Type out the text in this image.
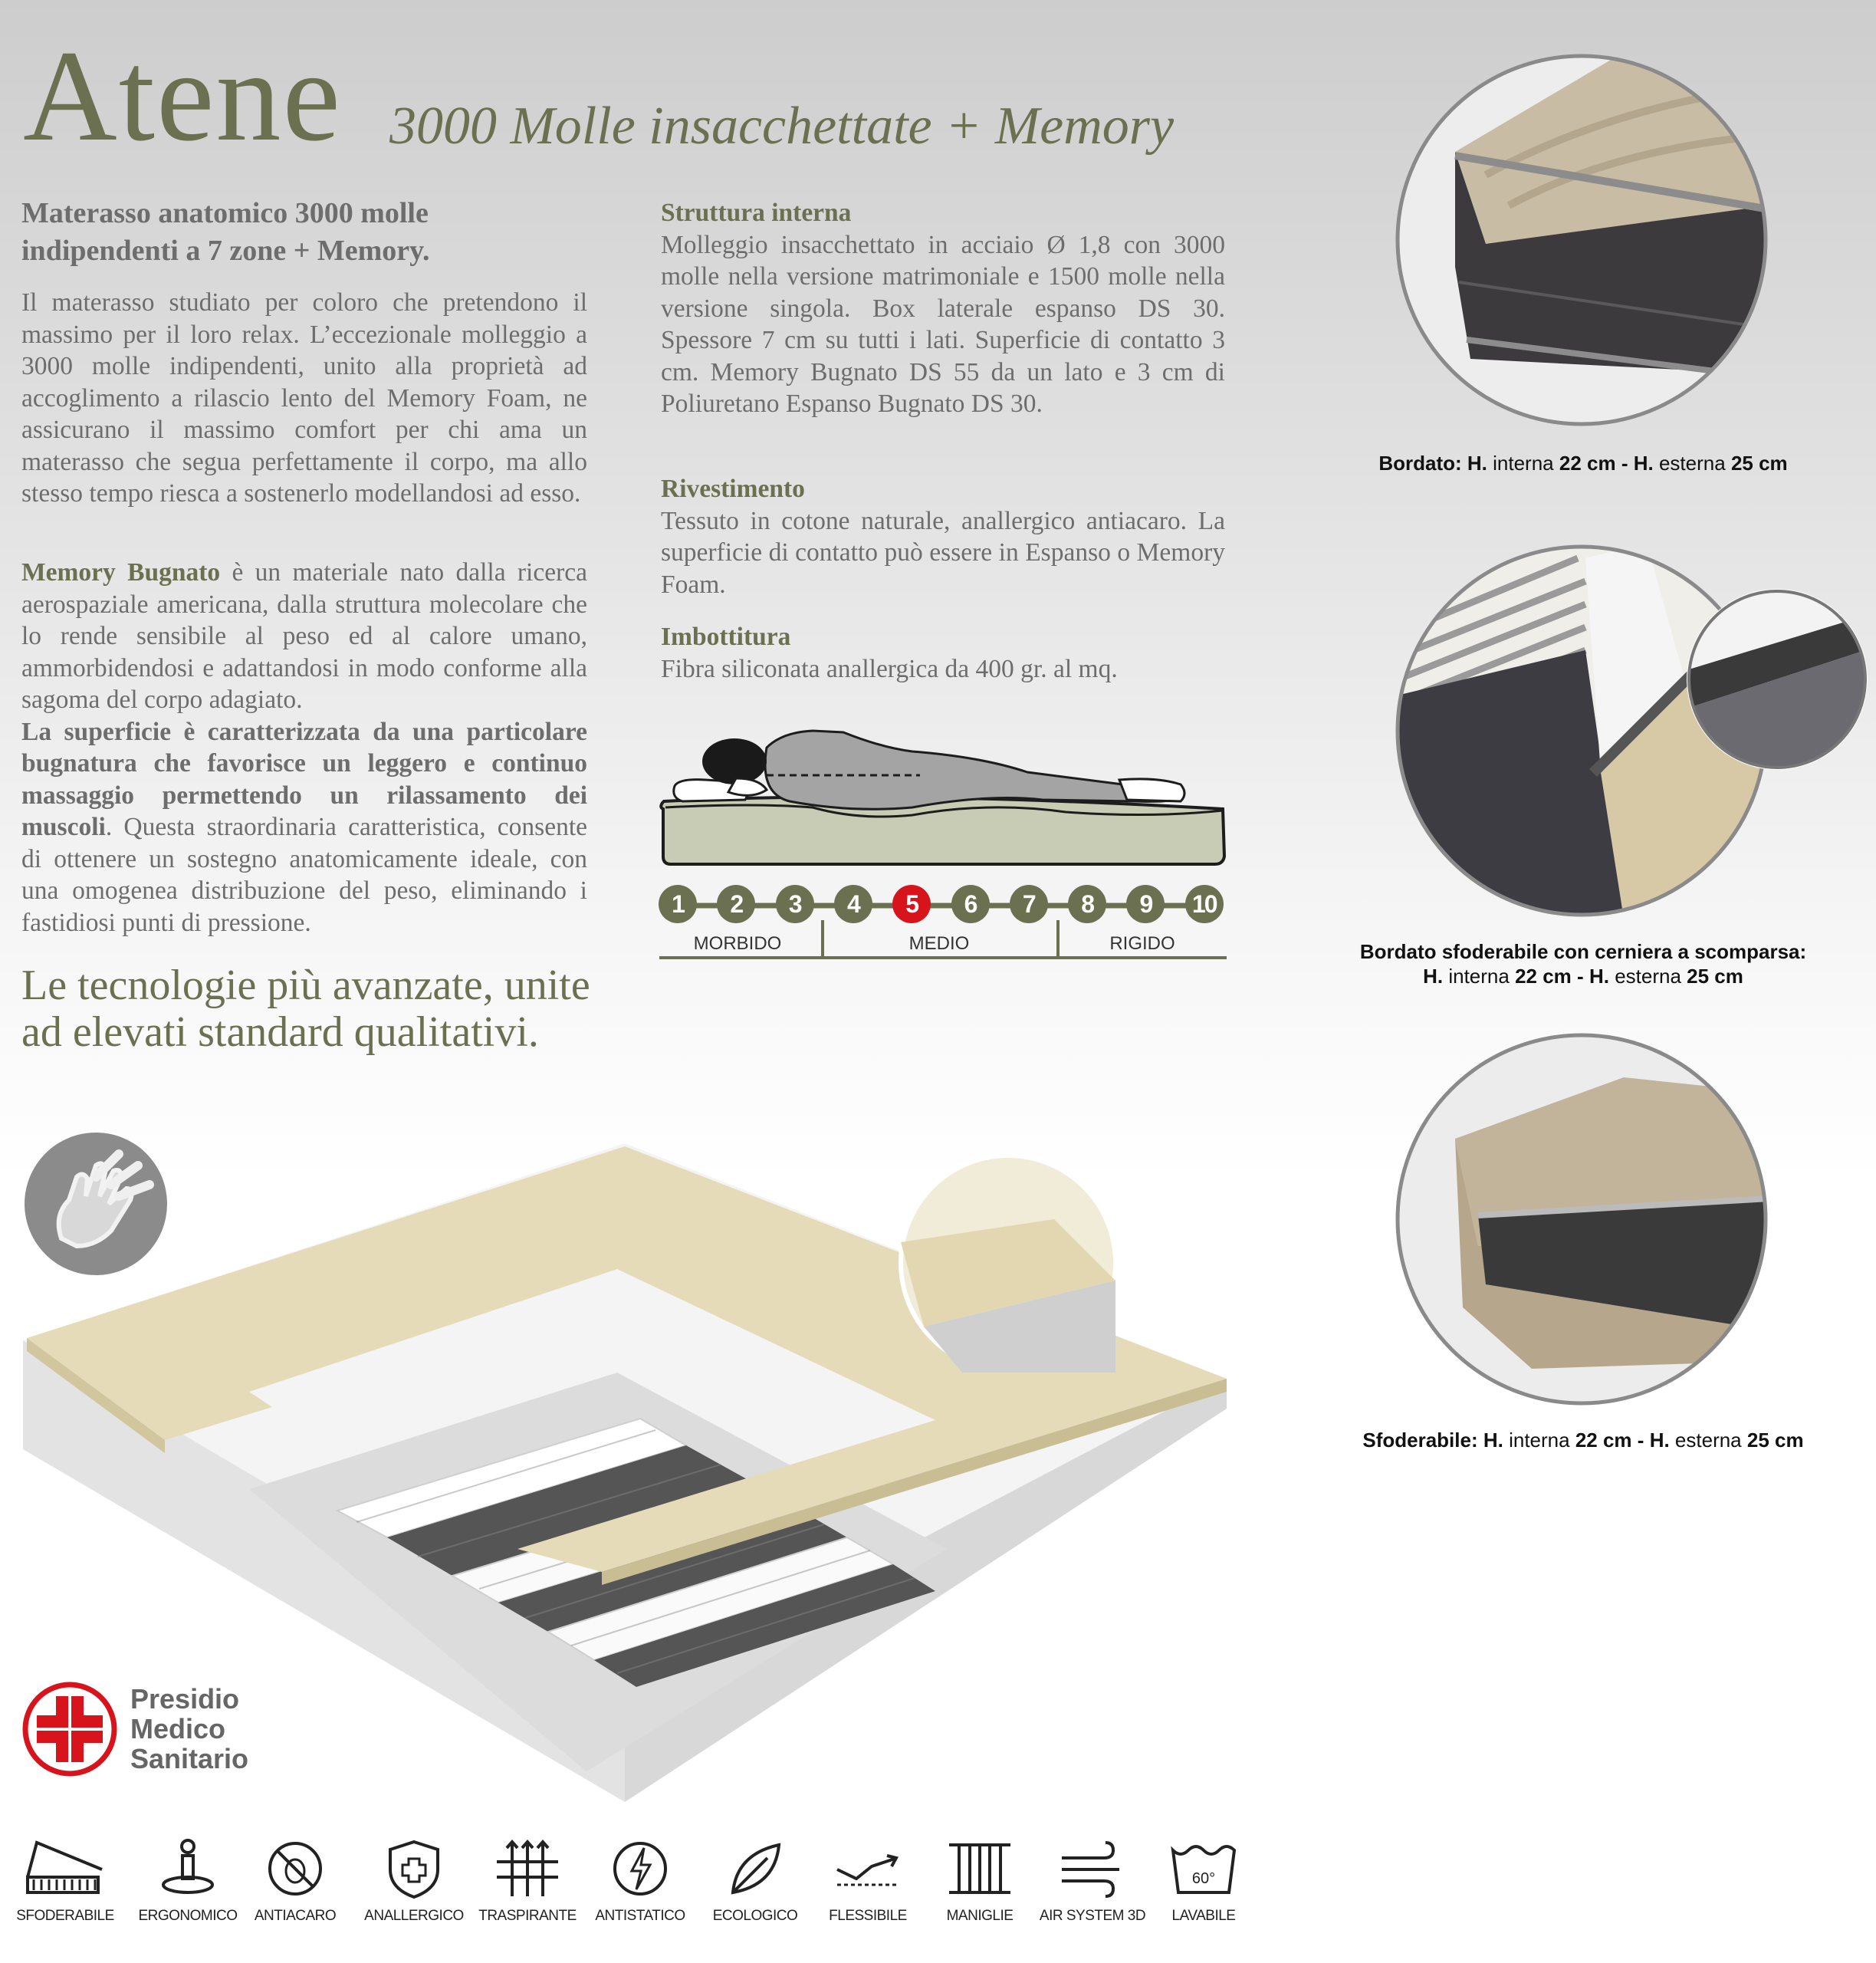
Atene 3000 Molle insacchettate + Memory
Materasso anatomico 3000 molle indipendenti a 7 zone + Memory.
Il materasso studiato per coloro che pretendono il massimo per il loro relax. L’eccezionale molleggio a 3000 molle indipendenti, unito alla proprietà ad accoglimento a rilascio lento del Memory Foam, ne assicurano il massimo comfort per chi ama un materasso che segua perfettamente il corpo, ma allo stesso tempo riesca a sostenerlo modellandosi ad esso.
Memory Bugnato è un materiale nato dalla ricerca aerospaziale americana, dalla struttura molecolare che lo rende sensibile al peso ed al calore umano, ammorbidendosi e adattandosi in modo conforme alla sagoma del corpo adagiato.
La superficie è caratterizzata da una particolare bugnatura che favorisce un leggero e continuo massaggio permettendo un rilassamento dei muscoli. Questa straordinaria caratteristica, consente di ottenere un sostegno anatomicamente ideale, con una omogenea distribuzione del peso, eliminando i fastidiosi punti di pressione.
Le tecnologie più avanzate, unite ad elevati standard qualitativi.
Struttura interna

Molleggio insacchettato in acciaio Ø 1,8 con 3000 molle nella versione matrimoniale e 1500 molle nella versione singola. Box laterale espanso DS 30. Spessore 7 cm su tutti i lati. Superficie di contatto 3 cm. Memory Bugnato DS 55 da un lato e 3 cm di Poliuretano Espanso Bugnato DS 30.

Rivestimento

Tessuto in cotone naturale, anallergico antiacaro. La superficie di contatto può essere in Espanso o Memory Foam.

Imbottitura

Fibra siliconata anallergica da 400 gr. al mq.

1	2	3	4	5	6	7	8	9	10
MORBIDO	MEDIO	RIGIDO
Bordato: H. interna 22 cm - H. esterna 25 cm
Bordato sfoderabile con cerniera a scomparsa:
H. interna 22 cm - H. esterna 25 cm
Sfoderabile: H. interna 22 cm - H. esterna 25 cm
Presidio
Medico
Sanitario
SFODERABILE	ERGONOMICO	ANTIACARO	ANALLERGICO	TRASPIRANTE	ANTISTATICO	ECOLOGICO	FLESSIBILE	MANIGLIE	AIR SYSTEM 3D
60°
LAVABILE
